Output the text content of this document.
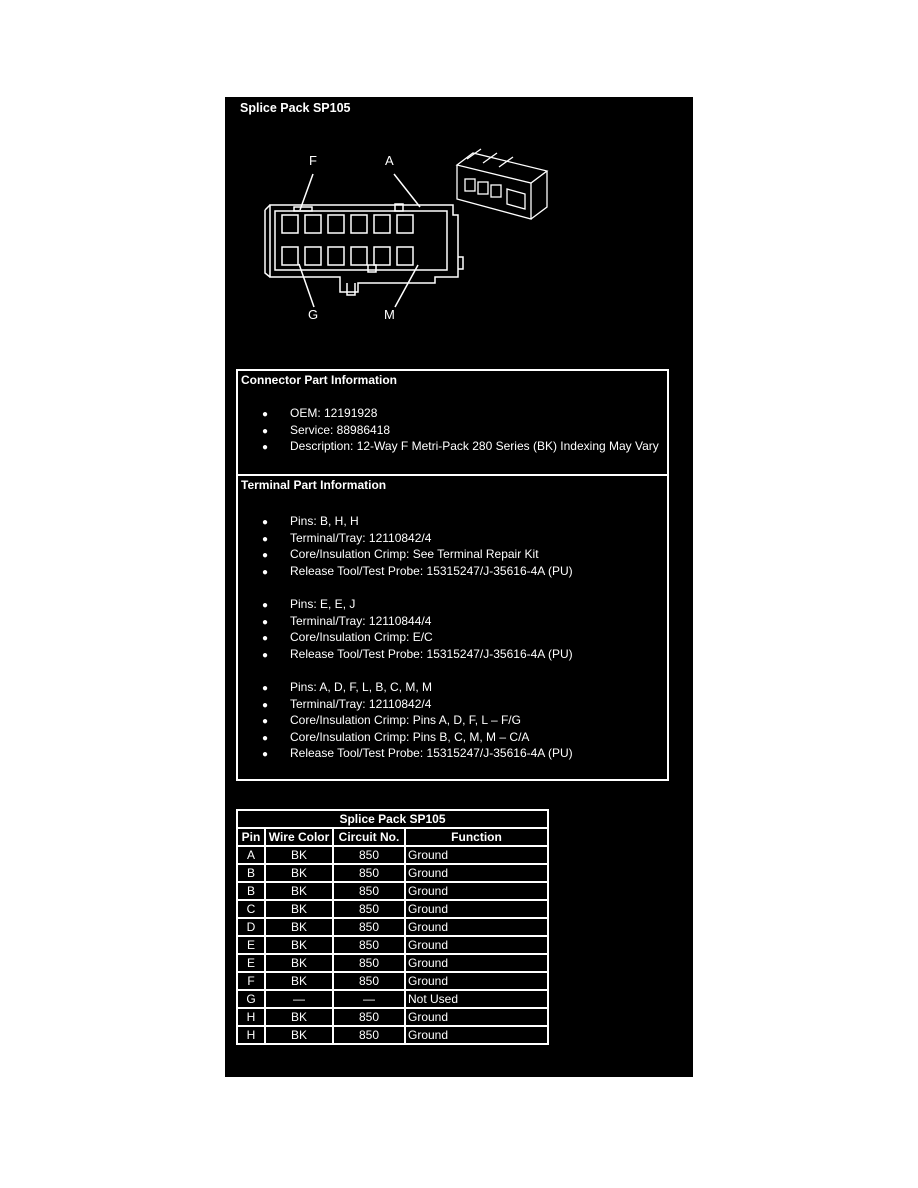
Splice Pack SP105
F	A
G	M
Connector Part Information
● OEM: 12191928
● Service: 88986418
● Description: 12-Way F Metri-Pack 280 Series (BK) Indexing May Vary
Terminal Part Information
● Pins: B, H, H
● Terminal/Tray: 12110842/4
● Core/Insulation Crimp: See Terminal Repair Kit
● Release Tool/Test Probe: 15315247/J-35616-4A (PU)
● Pins: E, E, J
● Terminal/Tray: 12110844/4
● Core/Insulation Crimp: E/C
● Release Tool/Test Probe: 15315247/J-35616-4A (PU)
● Pins: A, D, F, L, B, C, M, M
● Terminal/Tray: 12110842/4
● Core/Insulation Crimp: Pins A, D, F, L – F/G
● Core/Insulation Crimp: Pins B, C, M, M – C/A
● Release Tool/Test Probe: 15315247/J-35616-4A (PU)
Splice Pack SP105			
Pin	Wire Color	Circuit No.	Function
A	BK	850	Ground
B	BK	850	Ground
B	BK	850	Ground
C	BK	850	Ground
D	BK	850	Ground
E	BK	850	Ground
E	BK	850	Ground
F	BK	850	Ground
G	—	—	Not Used
H	BK	850	Ground
H	BK	850	Ground
